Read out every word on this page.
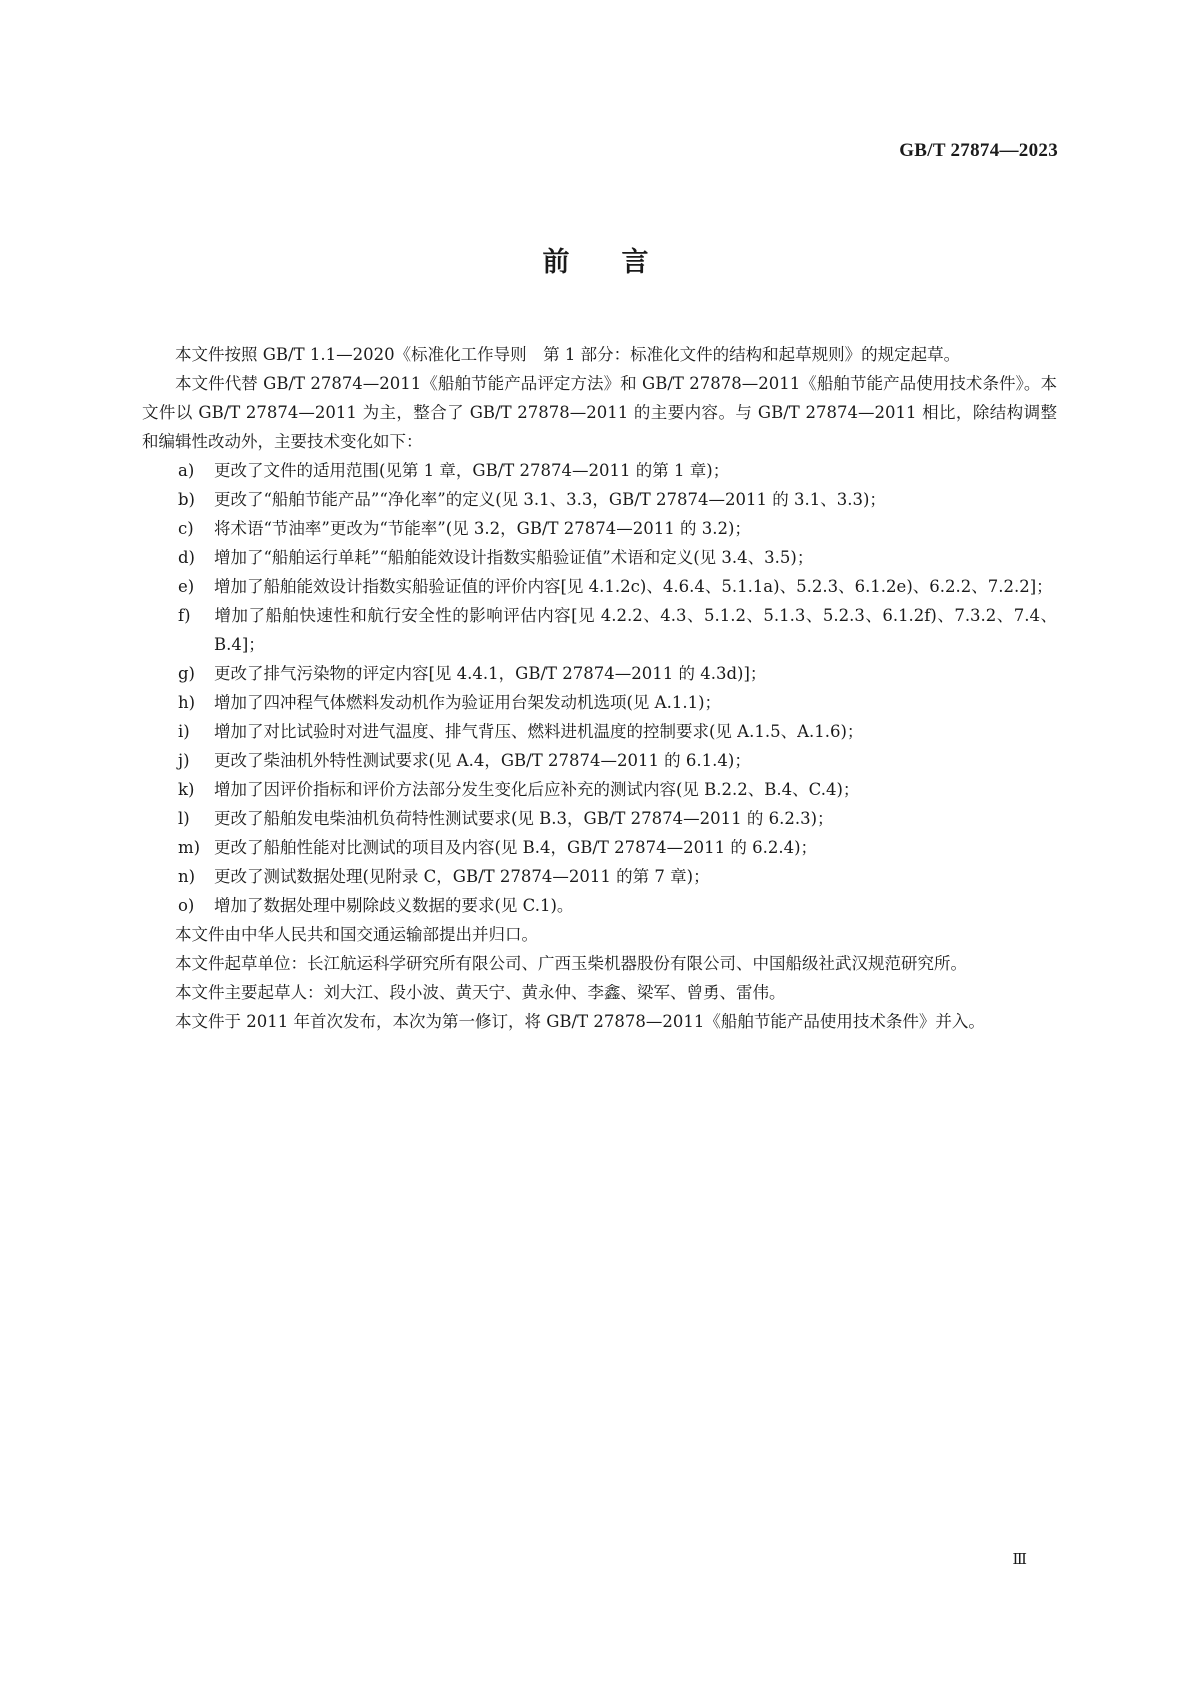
GB/T 27874—2023
前言

本文件按照 GB/T 1.1—2020《标准化工作导则　第 1 部分：标准化文件的结构和起草规则》的规定起草。

本文件代替 GB/T 27874—2011《船舶节能产品评定方法》和 GB/T 27878—2011《船舶节能产品使用技术条件》。本文件以 GB/T 27874—2011 为主，整合了 GB/T 27878—2011 的主要内容。与 GB/T 27874—2011 相比，除结构调整和编辑性改动外，主要技术变化如下：

a) 更改了文件的适用范围(见第 1 章，GB/T 27874—2011 的第 1 章)；

b) 更改了“船舶节能产品”“净化率”的定义(见 3.1、3.3，GB/T 27874—2011 的 3.1、3.3)；

c) 将术语“节油率”更改为“节能率”(见 3.2，GB/T 27874—2011 的 3.2)；

d) 增加了“船舶运行单耗”“船舶能效设计指数实船验证值”术语和定义(见 3.4、3.5)；

e) 增加了船舶能效设计指数实船验证值的评价内容[见 4.1.2c)、4.6.4、5.1.1a)、5.2.3、6.1.2e)、6.2.2、7.2.2]；

f) 增加了船舶快速性和航行安全性的影响评估内容[见 4.2.2、4.3、5.1.2、5.1.3、5.2.3、6.1.2f)、7.3.2、7.4、B.4]；

g) 更改了排气污染物的评定内容[见 4.4.1，GB/T 27874—2011 的 4.3d)]；

h) 增加了四冲程气体燃料发动机作为验证用台架发动机选项(见 A.1.1)；

i) 增加了对比试验时对进气温度、排气背压、燃料进机温度的控制要求(见 A.1.5、A.1.6)；

j) 更改了柴油机外特性测试要求(见 A.4，GB/T 27874—2011 的 6.1.4)；

k) 增加了因评价指标和评价方法部分发生变化后应补充的测试内容(见 B.2.2、B.4、C.4)；

l) 更改了船舶发电柴油机负荷特性测试要求(见 B.3，GB/T 27874—2011 的 6.2.3)；

m) 更改了船舶性能对比测试的项目及内容(见 B.4，GB/T 27874—2011 的 6.2.4)；

n) 更改了测试数据处理(见附录 C，GB/T 27874—2011 的第 7 章)；

o) 增加了数据处理中剔除歧义数据的要求(见 C.1)。

本文件由中华人民共和国交通运输部提出并归口。

本文件起草单位：长江航运科学研究所有限公司、广西玉柴机器股份有限公司、中国船级社武汉规范研究所。

本文件主要起草人：刘大江、段小波、黄天宁、黄永仲、李鑫、梁军、曾勇、雷伟。

本文件于 2011 年首次发布，本次为第一修订，将 GB/T 27878—2011《船舶节能产品使用技术条件》并入。

Ⅲ
